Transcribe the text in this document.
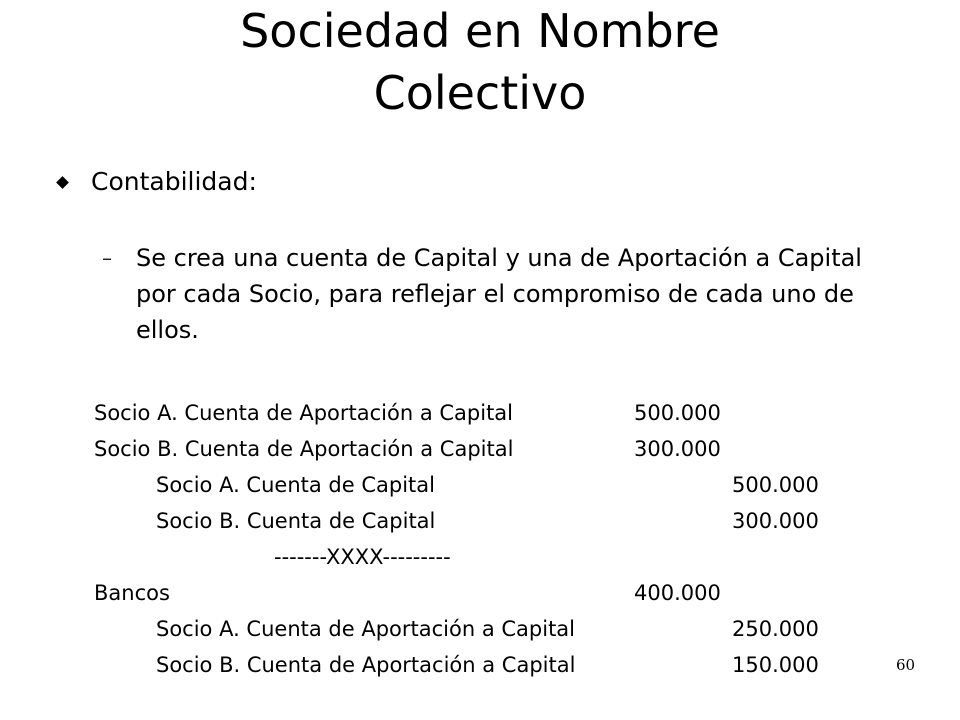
Sociedad en Nombre
Colectivo
Contabilidad:
– Se crea una cuenta de Capital y una de Aportación a Capital por cada Socio, para reflejar el compromiso de cada uno de ellos.
Socio A. Cuenta de Aportación a Capital	500.000
Socio B. Cuenta de Aportación a Capital	300.000
Socio A. Cuenta de Capital	500.000
Socio B. Cuenta de Capital	300.000
-------XXXX---------
Bancos	400.000
Socio A. Cuenta de Aportación a Capital	250.000
Socio B. Cuenta de Aportación a Capital	150.000	60
